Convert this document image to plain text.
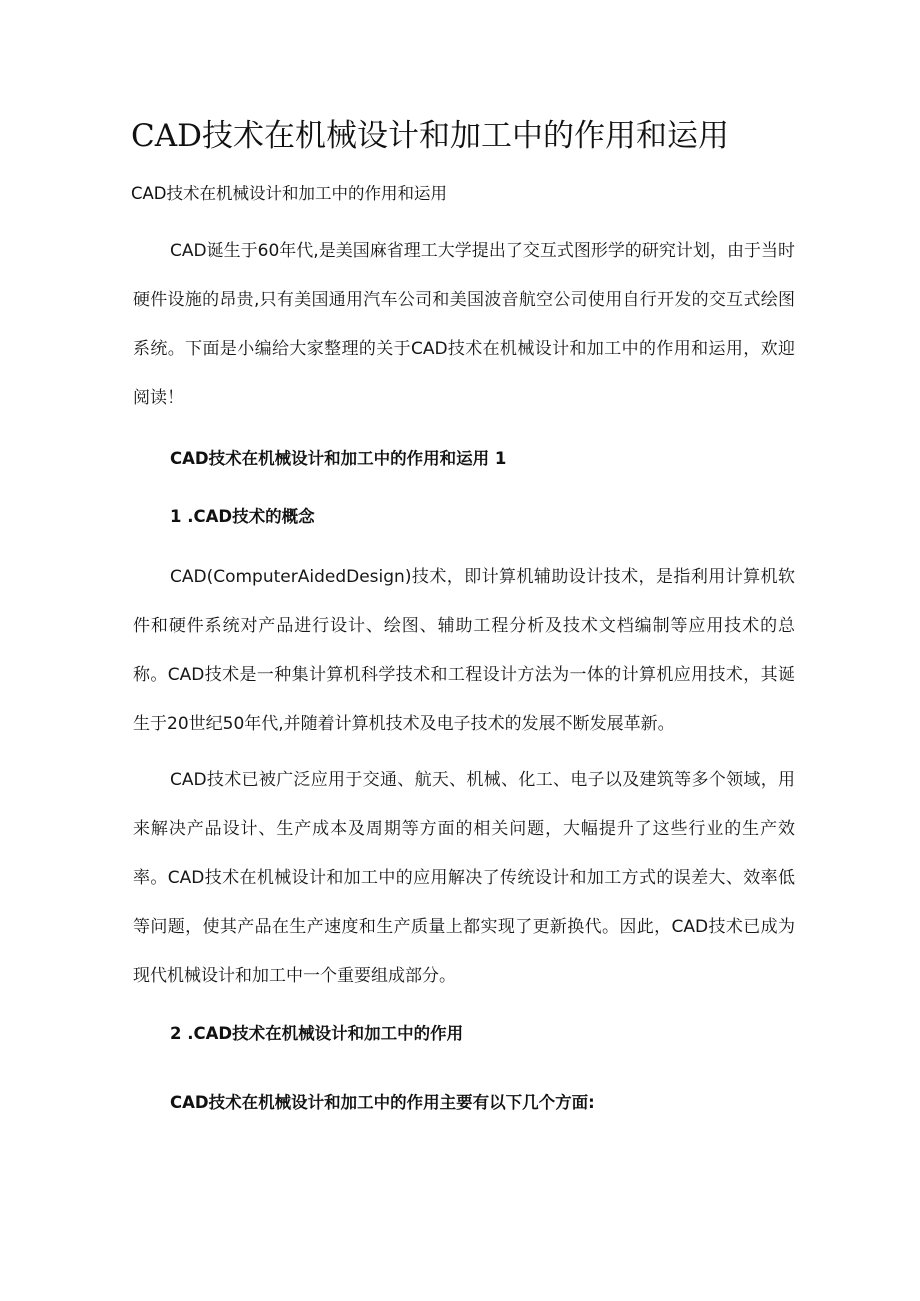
CAD技术在机械设计和加工中的作用和运用

CAD技术在机械设计和加工中的作用和运用

CAD诞生于60年代,是美国麻省理工大学提出了交互式图形学的研究计划，由于当时硬件设施的昂贵,只有美国通用汽车公司和美国波音航空公司使用自行开发的交互式绘图系统。下面是小编给大家整理的关于CAD技术在机械设计和加工中的作用和运用，欢迎阅读！

CAD技术在机械设计和加工中的作用和运用 1

1 .CAD技术的概念

CAD(ComputerAidedDesign)技术，即计算机辅助设计技术，是指利用计算机软件和硬件系统对产品进行设计、绘图、辅助工程分析及技术文档编制等应用技术的总称。CAD技术是一种集计算机科学技术和工程设计方法为一体的计算机应用技术，其诞生于20世纪50年代,并随着计算机技术及电子技术的发展不断发展革新。

CAD技术已被广泛应用于交通、航天、机械、化工、电子以及建筑等多个领域，用来解决产品设计、生产成本及周期等方面的相关问题，大幅提升了这些行业的生产效率。CAD技术在机械设计和加工中的应用解决了传统设计和加工方式的误差大、效率低等问题，使其产品在生产速度和生产质量上都实现了更新换代。因此，CAD技术已成为现代机械设计和加工中一个重要组成部分。

2 .CAD技术在机械设计和加工中的作用

CAD技术在机械设计和加工中的作用主要有以下几个方面:
